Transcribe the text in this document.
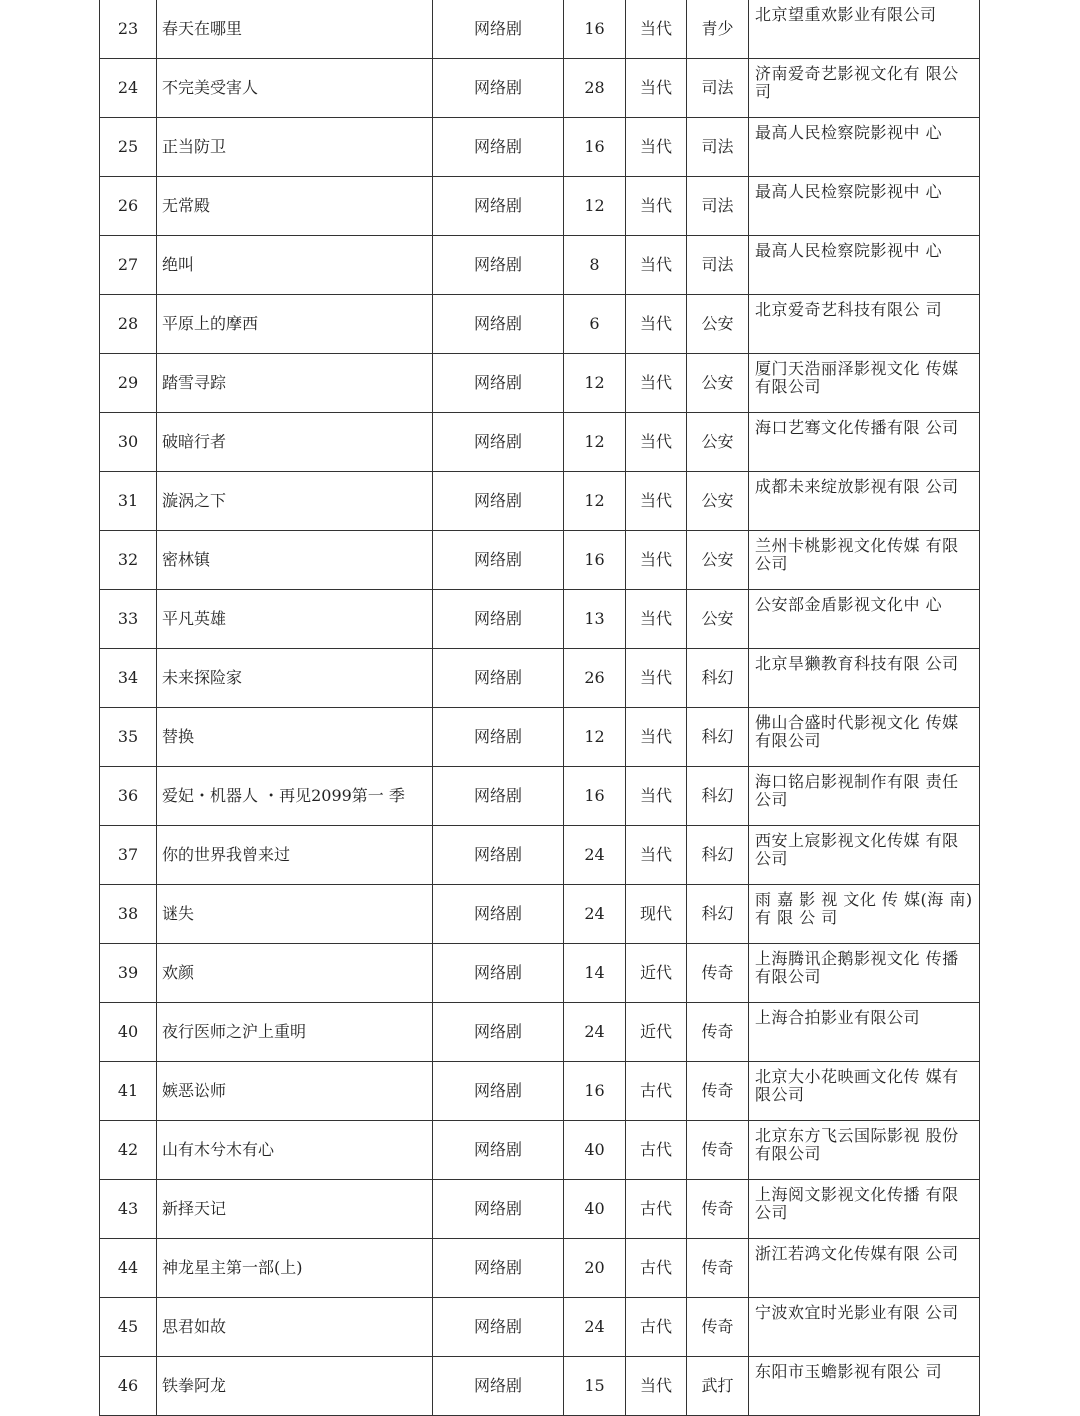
23	春天在哪里	网络剧	16	当代	青少	北京望重欢影业有限公司
24	不完美受害人	网络剧	28	当代	司法	济南爱奇艺影视文化有 限公司
25	正当防卫	网络剧	16	当代	司法	最高人民检察院影视中 心
26	无常殿	网络剧	12	当代	司法	最高人民检察院影视中 心
27	绝叫	网络剧	8	当代	司法	最高人民检察院影视中 心
28	平原上的摩西	网络剧	6	当代	公安	北京爱奇艺科技有限公 司
29	踏雪寻踪	网络剧	12	当代	公安	厦门天浩丽泽影视文化 传媒有限公司
30	破暗行者	网络剧	12	当代	公安	海口艺骞文化传播有限 公司
31	漩涡之下	网络剧	12	当代	公安	成都未来绽放影视有限 公司
32	密林镇	网络剧	16	当代	公安	兰州卡桃影视文化传媒 有限公司
33	平凡英雄	网络剧	13	当代	公安	公安部金盾影视文化中 心
34	未来探险家	网络剧	26	当代	科幻	北京旱獭教育科技有限 公司
35	替换	网络剧	12	当代	科幻	佛山合盛时代影视文化 传媒有限公司
36	爱妃・机器人 ・再见2099第一 季	网络剧	16	当代	科幻	海口铭启影视制作有限 责任公司
37	你的世界我曾来过	网络剧	24	当代	科幻	西安上宸影视文化传媒 有限公司
38	谜失	网络剧	24	现代	科幻	雨 嘉 影 视 文化 传 媒(海 南) 有 限 公 司
39	欢颜	网络剧	14	近代	传奇	上海腾讯企鹅影视文化 传播有限公司
40	夜行医师之沪上重明	网络剧	24	近代	传奇	上海合拍影业有限公司
41	嫉恶讼师	网络剧	16	古代	传奇	北京大小花映画文化传 媒有限公司
42	山有木兮木有心	网络剧	40	古代	传奇	北京东方飞云国际影视 股份有限公司
43	新择天记	网络剧	40	古代	传奇	上海阅文影视文化传播 有限公司
44	神龙星主第一部(上)	网络剧	20	古代	传奇	浙江若鸿文化传媒有限 公司
45	思君如故	网络剧	24	古代	传奇	宁波欢宜时光影业有限 公司
46	铁拳阿龙	网络剧	15	当代	武打	东阳市玉蟾影视有限公 司
